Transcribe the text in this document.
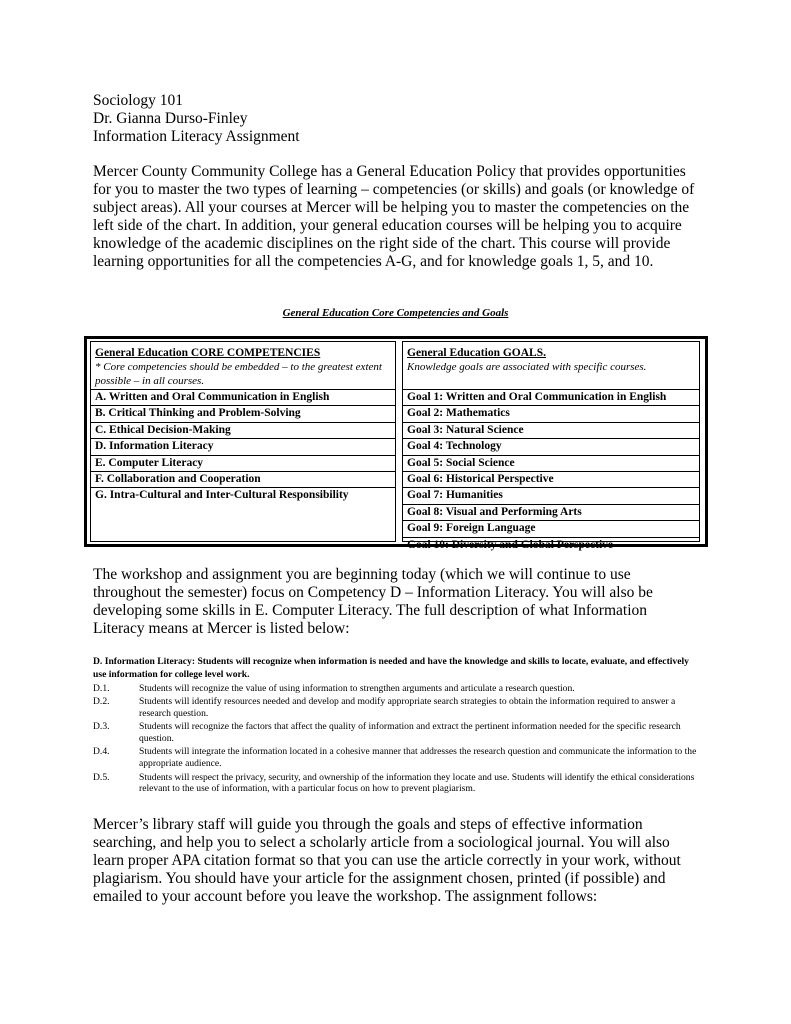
Sociology 101
Dr. Gianna Durso-Finley
Information Literacy Assignment
Mercer County Community College has a General Education Policy that provides opportunities
for you to master the two types of learning – competencies (or skills) and goals (or knowledge of
subject areas). All your courses at Mercer will be helping you to master the competencies on the
left side of the chart. In addition, your general education courses will be helping you to acquire
knowledge of the academic disciplines on the right side of the chart. This course will provide
learning opportunities for all the competencies A-G, and for knowledge goals 1, 5, and 10.
General Education Core Competencies and Goals
General Education CORE COMPETENCIES
* Core competencies should be embedded – to the greatest extent possible – in all courses.
A. Written and Oral Communication in English
B. Critical Thinking and Problem-Solving
C. Ethical Decision-Making
D. Information Literacy
E. Computer Literacy
F. Collaboration and Cooperation
G. Intra-Cultural and Inter-Cultural Responsibility
General Education GOALS.
Knowledge goals are associated with specific courses.
Goal 1: Written and Oral Communication in English
Goal 2: Mathematics
Goal 3: Natural Science
Goal 4: Technology
Goal 5: Social Science
Goal 6: Historical Perspective
Goal 7: Humanities
Goal 8: Visual and Performing Arts
Goal 9: Foreign Language
Goal 10: Diversity and Global Perspective
The workshop and assignment you are beginning today (which we will continue to use
throughout the semester) focus on Competency D – Information Literacy. You will also be
developing some skills in E. Computer Literacy. The full description of what Information
Literacy means at Mercer is listed below:
D. Information Literacy: Students will recognize when information is needed and have the knowledge and skills to locate, evaluate, and effectively use information for college level work.
D.1.	Students will recognize the value of using information to strengthen arguments and articulate a research question.
D.2.	Students will identify resources needed and develop and modify appropriate search strategies to obtain the information required to answer a research question.
D.3.	Students will recognize the factors that affect the quality of information and extract the pertinent information needed for the specific research question.
D.4.	Students will integrate the information located in a cohesive manner that addresses the research question and communicate the information to the appropriate audience.
D.5.	Students will respect the privacy, security, and ownership of the information they locate and use. Students will identify the ethical considerations relevant to the use of information, with a particular focus on how to prevent plagiarism.
Mercer’s library staff will guide you through the goals and steps of effective information
searching, and help you to select a scholarly article from a sociological journal. You will also
learn proper APA citation format so that you can use the article correctly in your work, without
plagiarism. You should have your article for the assignment chosen, printed (if possible) and
emailed to your account before you leave the workshop. The assignment follows:
